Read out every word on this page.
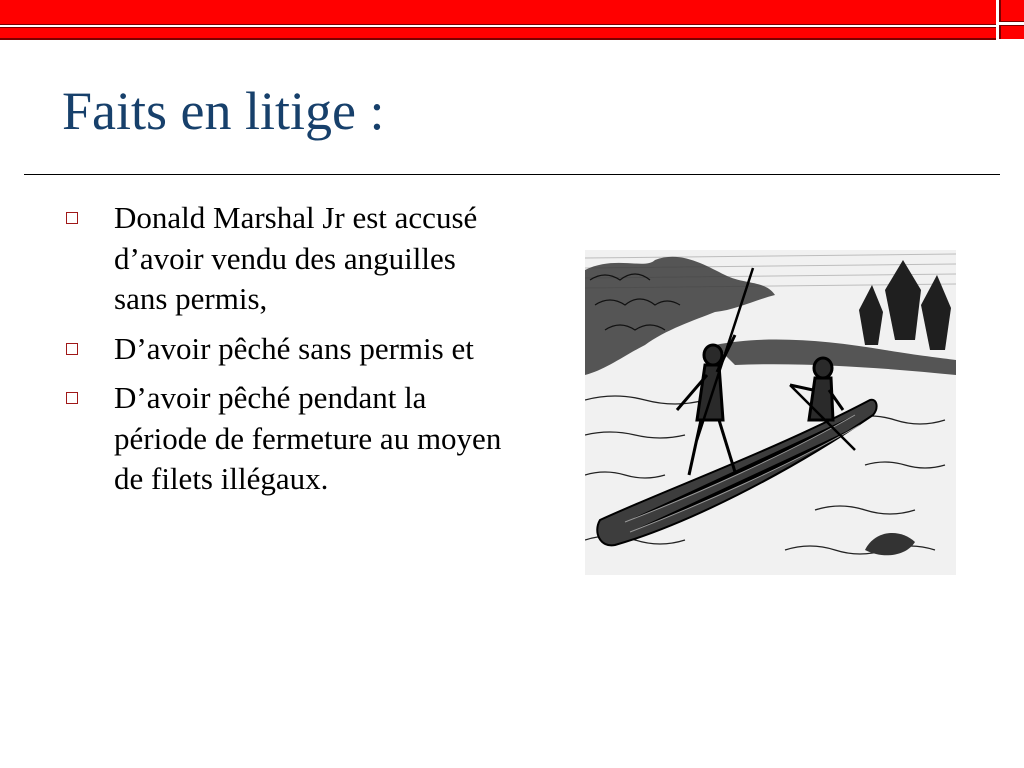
Faits en litige :
Donald Marshal Jr est accusé d’avoir vendu des anguilles sans permis,
D’avoir pêché sans permis et
D’avoir pêché pendant la période de fermeture au moyen de filets illégaux.
